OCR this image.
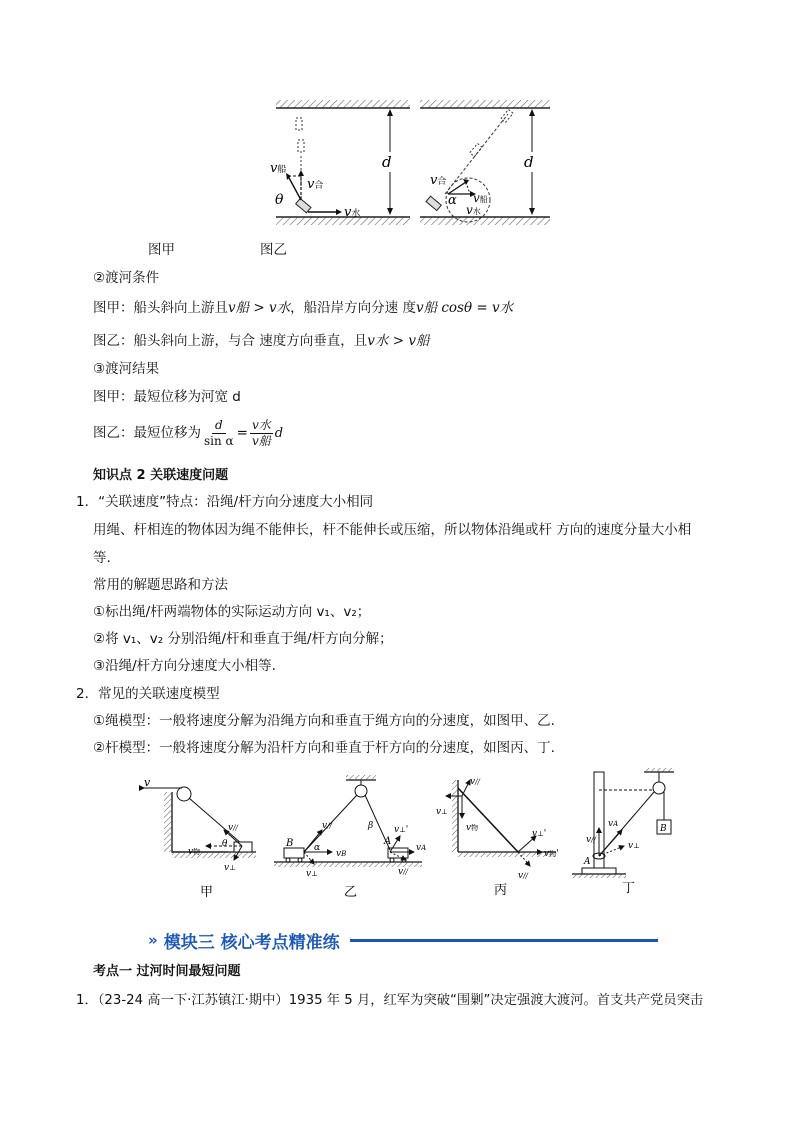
v船
v合
θ
v水
d
v合
α v船
v水
d
图甲	图乙
②渡河条件
图甲：船头斜向上游且v船 > v水，船沿岸方向分速 度v船 cosθ = v水
图乙：船头斜向上游，与合 速度方向垂直，且v水 > v船
③渡河结果
图甲：最短位移为河宽 d
图乙：最短位移为 $\frac{d}{\text{sin α}}$ =
v水
v船 d
知识点 2 关联速度问题
1．“关联速度”特点：沿绳/杆方向分速度大小相同
用绳、杆相连的物体因为绳不能伸长，杆不能伸长或压缩，所以物体沿绳或杆 方向的速度分量大小相
等.
常用的解题思路和方法
①标出绳/杆两端物体的实际运动方向 v₁、v₂；
②将 v₁、v₂ 分别沿绳/杆和垂直于绳/杆方向分解；
③沿绳/杆方向分速度大小相等.
2．常见的关联速度模型
①绳模型：一般将速度分解为沿绳方向和垂直于绳方向的分速度，如图甲、乙.
②杆模型：一般将速度分解为沿杆方向和垂直于杆方向的分速度，如图丙、丁.
v
v//
v物
θ
v⊥
甲
B
v//
α
vB
v⊥
β
A
v⊥'
vA
v//
乙
v⊥
v//
v物
v⊥'
v物'
v//
丙
B
vA
v//
v⊥
A
丁
» 模块三 核心考点精准练
考点一 过河时间最短问题
1．（23-24 高一下·江苏镇江·期中）1935 年 5 月，红军为突破“围剿”决定强渡大渡河。首支共产党员突击
